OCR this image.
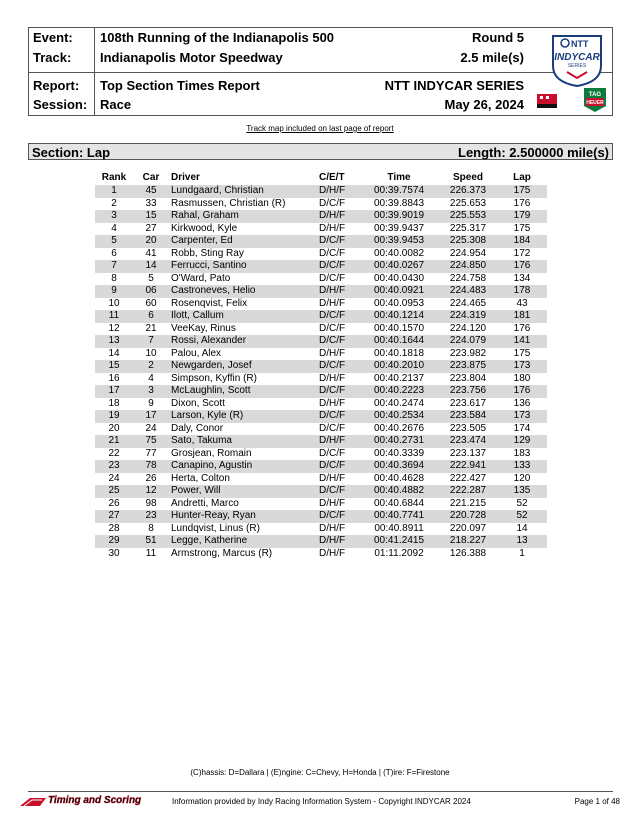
Event: 108th Running of the Indianapolis 500	Round 5
Track: Indianapolis Motor Speedway	2.5 mile(s)
Report: Top Section Times Report	NTT INDYCAR SERIES
Session: Race	May 26, 2024
NTT
INDYCAR
SERIES
TAG
HEUER
Track map included on last page of report
Section: Lap	Length: 2.500000 mile(s)
Rank	Car	Driver	C/E/T	Time	Speed	Lap
1	45	Lundgaard, Christian	D/H/F	00:39.7574	226.373	175
2	33	Rasmussen, Christian (R)	D/C/F	00:39.8843	225.653	176
3	15	Rahal, Graham	D/H/F	00:39.9019	225.553	179
4	27	Kirkwood, Kyle	D/H/F	00:39.9437	225.317	175
5	20	Carpenter, Ed	D/C/F	00:39.9453	225.308	184
6	41	Robb, Sting Ray	D/C/F	00:40.0082	224.954	172
7	14	Ferrucci, Santino	D/C/F	00:40.0267	224.850	176
8	5	O'Ward, Pato	D/C/F	00:40.0430	224.758	134
9	06	Castroneves, Helio	D/H/F	00:40.0921	224.483	178
10	60	Rosenqvist, Felix	D/H/F	00:40.0953	224.465	43
11	6	Ilott, Callum	D/C/F	00:40.1214	224.319	181
12	21	VeeKay, Rinus	D/C/F	00:40.1570	224.120	176
13	7	Rossi, Alexander	D/C/F	00:40.1644	224.079	141
14	10	Palou, Alex	D/H/F	00:40.1818	223.982	175
15	2	Newgarden, Josef	D/C/F	00:40.2010	223.875	173
16	4	Simpson, Kyffin (R)	D/H/F	00:40.2137	223.804	180
17	3	McLaughlin, Scott	D/C/F	00:40.2223	223.756	176
18	9	Dixon, Scott	D/H/F	00:40.2474	223.617	136
19	17	Larson, Kyle (R)	D/C/F	00:40.2534	223.584	173
20	24	Daly, Conor	D/C/F	00:40.2676	223.505	174
21	75	Sato, Takuma	D/H/F	00:40.2731	223.474	129
22	77	Grosjean, Romain	D/C/F	00:40.3339	223.137	183
23	78	Canapino, Agustin	D/C/F	00:40.3694	222.941	133
24	26	Herta, Colton	D/H/F	00:40.4628	222.427	120
25	12	Power, Will	D/C/F	00:40.4882	222.287	135
26	98	Andretti, Marco	D/H/F	00:40.6844	221.215	52
27	23	Hunter-Reay, Ryan	D/C/F	00:40.7741	220.728	52
28	8	Lundqvist, Linus (R)	D/H/F	00:40.8911	220.097	14
29	51	Legge, Katherine	D/H/F	00:41.2415	218.227	13
30	11	Armstrong, Marcus (R)	D/H/F	01:11.2092	126.388	1
(C)hassis: D=Dallara | (E)ngine: C=Chevy, H=Honda | (T)ire: F=Firestone
Timing and Scoring	Information provided by Indy Racing Information System - Copyright INDYCAR 2024	Page 1 of 48
